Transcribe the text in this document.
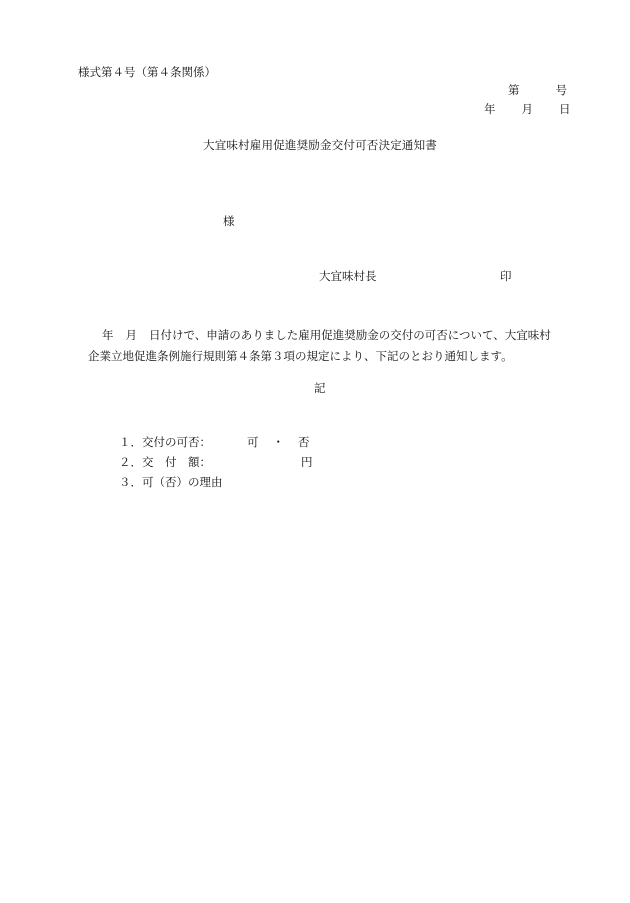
様式第４号（第４条関係）
第	号
年 月 日
大宜味村雇用促進奨励金交付可否決定通知書
様
大宜味村長	印
年 月 日付けで、申請のありました雇用促進奨励金の交付の可否について、大宜味村
企業立地促進条例施行規則第４条第３項の規定により、下記のとおり通知します。
記
１．交付の可否：	可 ・ 否
２．交　付　額：	円
３．可（否）の理由
